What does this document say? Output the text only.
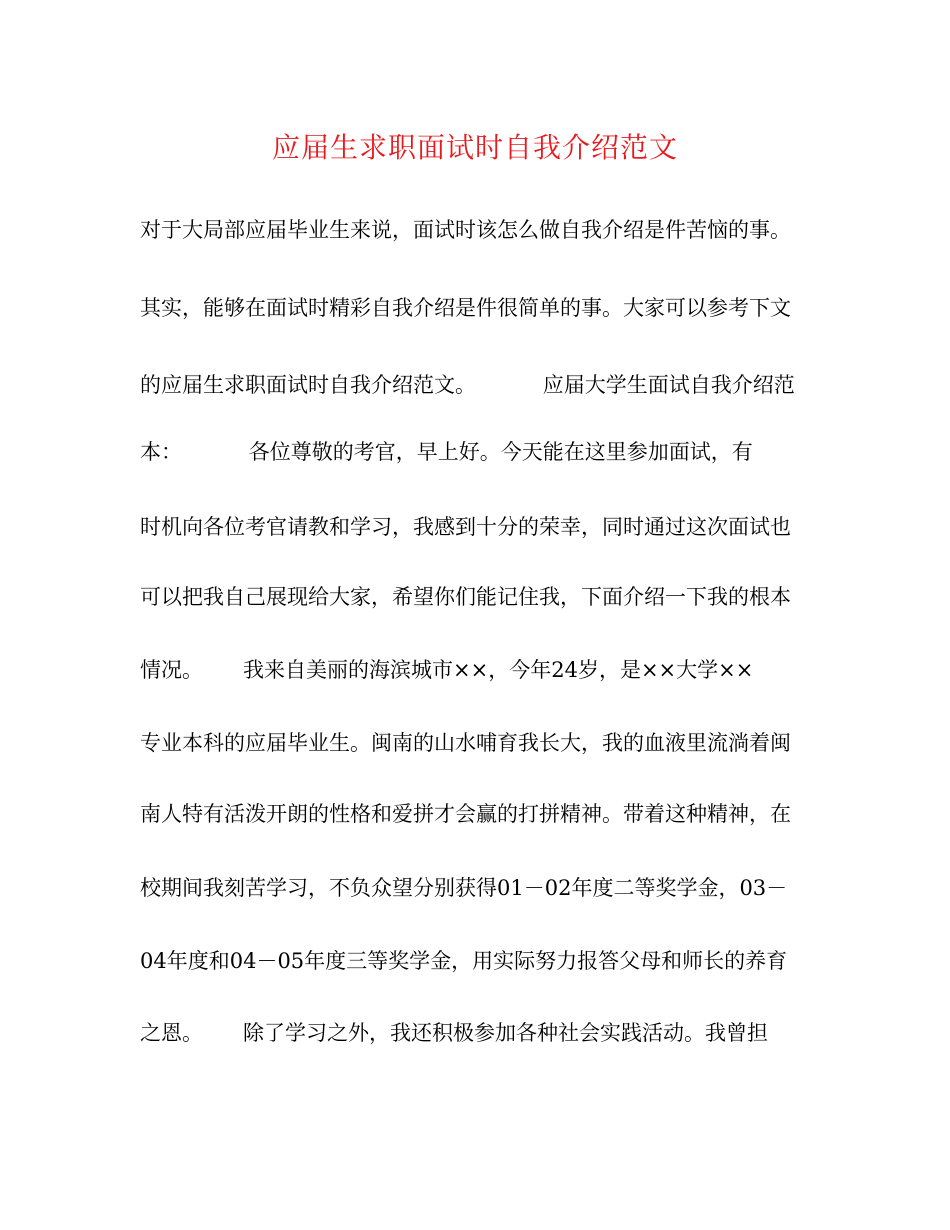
应届生求职面试时自我介绍范文
对于大局部应届毕业生来说，面试时该怎么做自我介绍是件苦恼的事。
其实，能够在面试时精彩自我介绍是件很简单的事。大家可以参考下文
的应届生求职面试时自我介绍范文。          应届大学生面试自我介绍范
本：          各位尊敬的考官，早上好。今天能在这里参加面试，有
时机向各位考官请教和学习，我感到十分的荣幸，同时通过这次面试也
可以把我自己展现给大家，希望你们能记住我，下面介绍一下我的根本
情况。      我来自美丽的海滨城市××，今年24岁，是××大学××
专业本科的应届毕业生。闽南的山水哺育我长大，我的血液里流淌着闽
南人特有活泼开朗的性格和爱拼才会赢的打拼精神。带着这种精神，在
校期间我刻苦学习，不负众望分别获得01－02年度二等奖学金，03－
04年度和04－05年度三等奖学金，用实际努力报答父母和师长的养育
之恩。      除了学习之外，我还积极参加各种社会实践活动。我曾担
